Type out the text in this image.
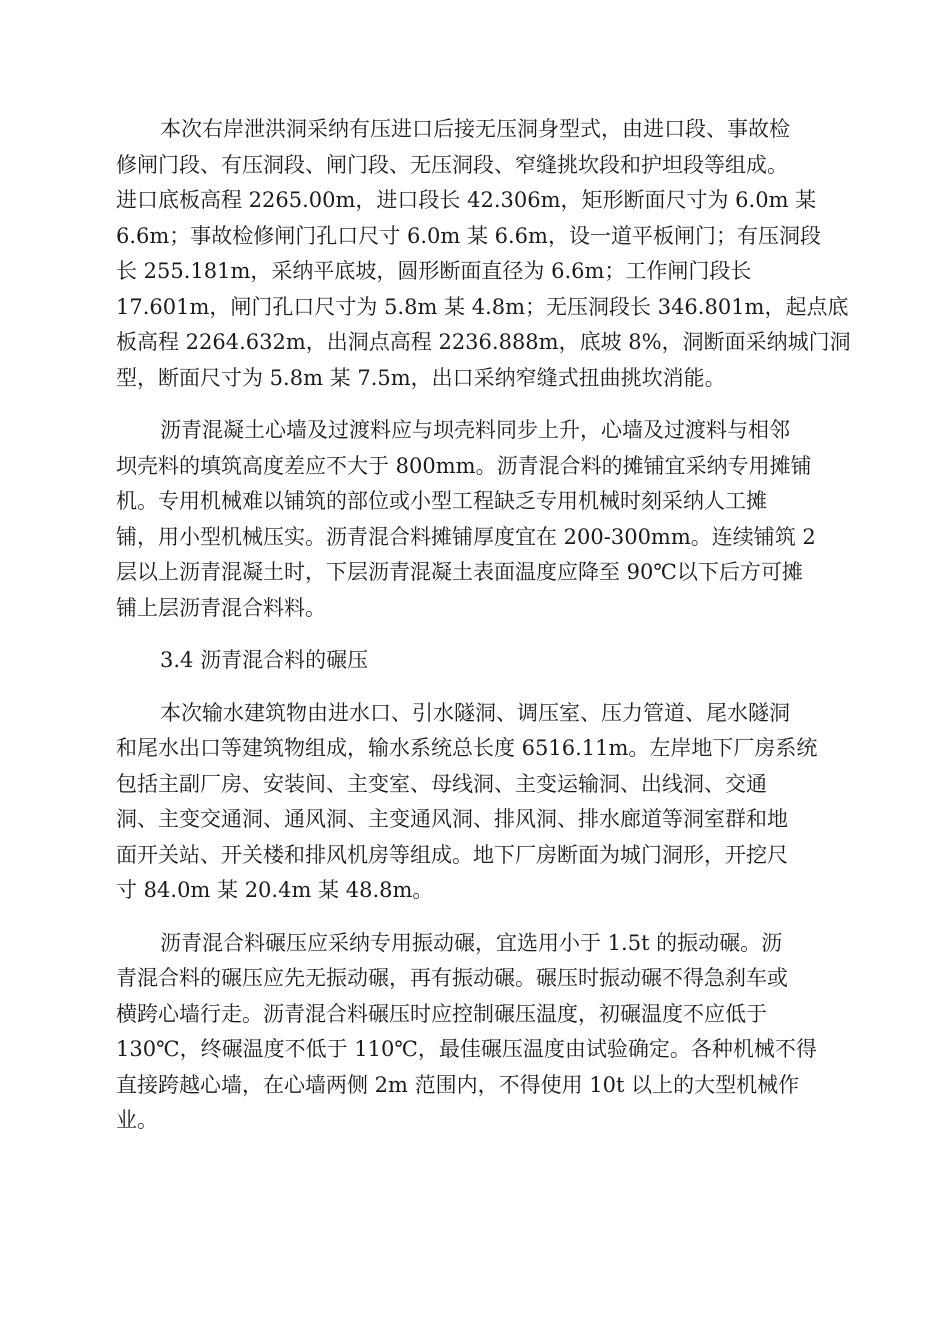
本次右岸泄洪洞采纳有压进口后接无压洞身型式，由进口段、事故检
修闸门段、有压洞段、闸门段、无压洞段、窄缝挑坎段和护坦段等组成。
进口底板高程 2265.00m，进口段长 42.306m，矩形断面尺寸为 6.0m 某
6.6m；事故检修闸门孔口尺寸 6.0m 某 6.6m，设一道平板闸门；有压洞段
长 255.181m，采纳平底坡，圆形断面直径为 6.6m；工作闸门段长
17.601m，闸门孔口尺寸为 5.8m 某 4.8m；无压洞段长 346.801m，起点底
板高程 2264.632m，出洞点高程 2236.888m，底坡 8%，洞断面采纳城门洞
型，断面尺寸为 5.8m 某 7.5m，出口采纳窄缝式扭曲挑坎消能。
沥青混凝土心墙及过渡料应与坝壳料同步上升，心墙及过渡料与相邻
坝壳料的填筑高度差应不大于 800mm。沥青混合料的摊铺宜采纳专用摊铺
机。专用机械难以铺筑的部位或小型工程缺乏专用机械时刻采纳人工摊
铺，用小型机械压实。沥青混合料摊铺厚度宜在 200-300mm。连续铺筑 2
层以上沥青混凝土时，下层沥青混凝土表面温度应降至 90℃以下后方可摊
铺上层沥青混合料料。
3.4 沥青混合料的碾压
本次输水建筑物由进水口、引水隧洞、调压室、压力管道、尾水隧洞
和尾水出口等建筑物组成，输水系统总长度 6516.11m。左岸地下厂房系统
包括主副厂房、安装间、主变室、母线洞、主变运输洞、出线洞、交通
洞、主变交通洞、通风洞、主变通风洞、排风洞、排水廊道等洞室群和地
面开关站、开关楼和排风机房等组成。地下厂房断面为城门洞形，开挖尺
寸 84.0m 某 20.4m 某 48.8m。
沥青混合料碾压应采纳专用振动碾，宜选用小于 1.5t 的振动碾。沥
青混合料的碾压应先无振动碾，再有振动碾。碾压时振动碾不得急刹车或
横跨心墙行走。沥青混合料碾压时应控制碾压温度，初碾温度不应低于
130℃，终碾温度不低于 110℃，最佳碾压温度由试验确定。各种机械不得
直接跨越心墙，在心墙两侧 2m 范围内，不得使用 10t 以上的大型机械作
业。
